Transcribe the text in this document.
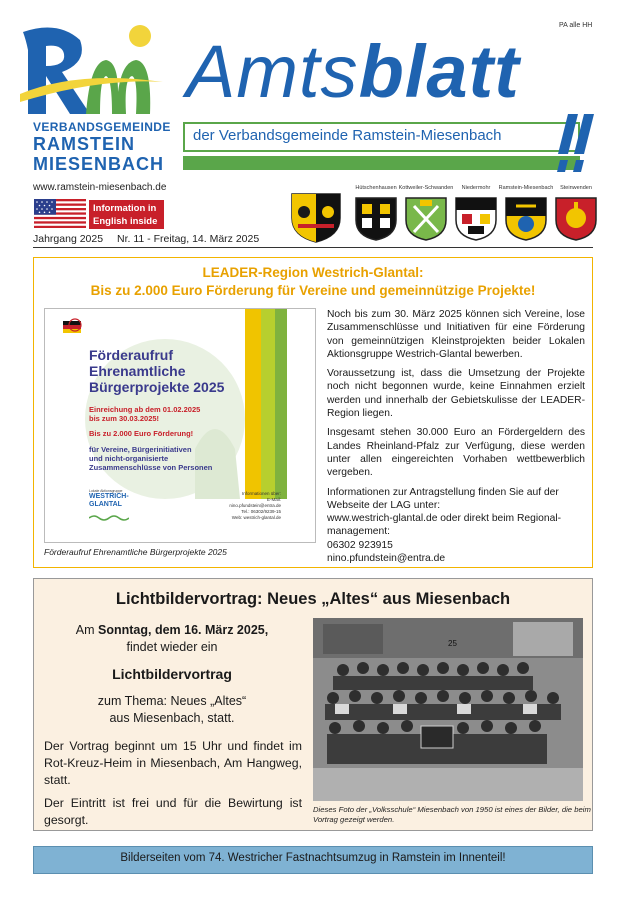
PA alle HH
VERBANDSGEMEINDE
RAMSTEIN
MIESENBACH
www.ramstein-miesenbach.de
Information in
English inside
Jahrgang 2025 Nr. 11 - Freitag, 14. März 2025
Amtsblatt
der Verbandsgemeinde Ramstein-Miesenbach
Hütschenhausen Kottweiler-Schwanden	Niedermohr	Ramstein-Miesenbach	Steinwenden
LEADER-Region Westrich-Glantal:
Bis zu 2.000 Euro Förderung für Vereine und gemeinnützige Projekte!
Förderaufruf
Ehrenamtliche
Bürgerprojekte 2025
Einreichung ab dem 01.02.2025
bis zum 30.03.2025!
Bis zu 2.000 Euro Förderung!
für Vereine, Bürgerinitiativen
und nicht-organisierte
Zusammenschlüsse von Personen
Lokale Aktionsgruppe
WESTRICH-
GLANTAL
Informationen über:
E-Mail: nino.pfundstein@entra.de
Tel.: 06302/9239-15
Web: westrich-glantal.de
Förderaufruf Ehrenamtliche Bürgerprojekte 2025

Noch bis zum 30. März 2025 können sich Vereine, lose Zusammenschlüsse und Initiativen für eine Förderung von gemeinnützigen Kleinstprojekten beider Lokalen Aktionsgruppe Westrich-Glantal bewerben.

Voraussetzung ist, dass die Umsetzung der Projekte noch nicht begonnen wurde, keine Einnahmen erzielt werden und innerhalb der Gebietskulisse der LEADER-Region liegen.

Insgesamt stehen 30.000 Euro an Fördergeldern des Landes Rheinland-Pfalz zur Verfügung, diese werden unter allen eingereichten Vorhaben wettbewerblich vergeben.

Informationen zur Antragstellung finden Sie auf der Webseite der LAG unter:
www.westrich-glantal.de oder direkt beim Regional-
management:
06302 923915
nino.pfundstein@entra.de
Lichtbildervortrag: Neues „Altes“ aus Miesenbach
Am Sonntag, dem 16. März 2025,
findet wieder ein
Lichtbildervortrag
zum Thema: Neues „Altes“
aus Miesenbach, statt.
Der Vortrag beginnt um 15 Uhr und findet im Rot-Kreuz-Heim in Miesenbach, Am Hangweg, statt.
Der Eintritt ist frei und für die Bewirtung ist gesorgt.
25
Dieses Foto der „Volksschule“ Miesenbach von 1950 ist eines der Bilder, die beim Vortrag gezeigt werden.
Bilderseiten vom 74. Westricher Fastnachtsumzug in Ramstein im Innenteil!
